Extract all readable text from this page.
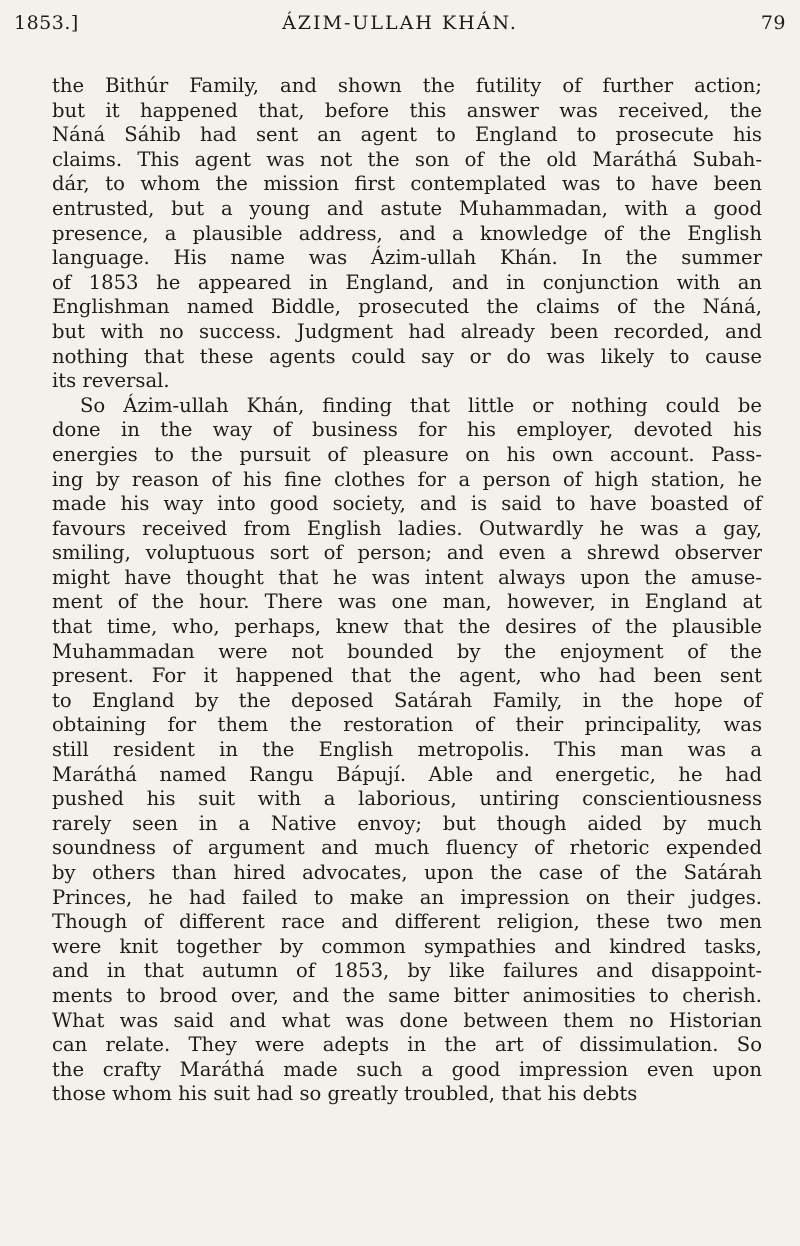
1853.]	ÁZIM-ULLAH KHÁN.	79
the Bithúr Family, and shown the futility of further action;
but it happened that, before this answer was received, the
Náná Sáhib had sent an agent to England to prosecute his
claims. This agent was not the son of the old Maráthá Subah-
dár, to whom the mission first contemplated was to have been
entrusted, but a young and astute Muhammadan, with a good
presence, a plausible address, and a knowledge of the English
language. His name was Ázim-ullah Khán. In the summer
of 1853 he appeared in England, and in conjunction with an
Englishman named Biddle, prosecuted the claims of the Náná,
but with no success. Judgment had already been recorded, and
nothing that these agents could say or do was likely to cause
its reversal.
So Ázim-ullah Khán, finding that little or nothing could be
done in the way of business for his employer, devoted his
energies to the pursuit of pleasure on his own account. Pass-
ing by reason of his fine clothes for a person of high station, he
made his way into good society, and is said to have boasted of
favours received from English ladies. Outwardly he was a gay,
smiling, voluptuous sort of person; and even a shrewd observer
might have thought that he was intent always upon the amuse-
ment of the hour. There was one man, however, in England at
that time, who, perhaps, knew that the desires of the plausible
Muhammadan were not bounded by the enjoyment of the
present. For it happened that the agent, who had been sent
to England by the deposed Satárah Family, in the hope of
obtaining for them the restoration of their principality, was
still resident in the English metropolis. This man was a
Maráthá named Rangu Bápují. Able and energetic, he had
pushed his suit with a laborious, untiring conscientiousness
rarely seen in a Native envoy; but though aided by much
soundness of argument and much fluency of rhetoric expended
by others than hired advocates, upon the case of the Satárah
Princes, he had failed to make an impression on their judges.
Though of different race and different religion, these two men
were knit together by common sympathies and kindred tasks,
and in that autumn of 1853, by like failures and disappoint-
ments to brood over, and the same bitter animosities to cherish.
What was said and what was done between them no Historian
can relate. They were adepts in the art of dissimulation. So
the crafty Maráthá made such a good impression even upon
those whom his suit had so greatly troubled, that his debts
